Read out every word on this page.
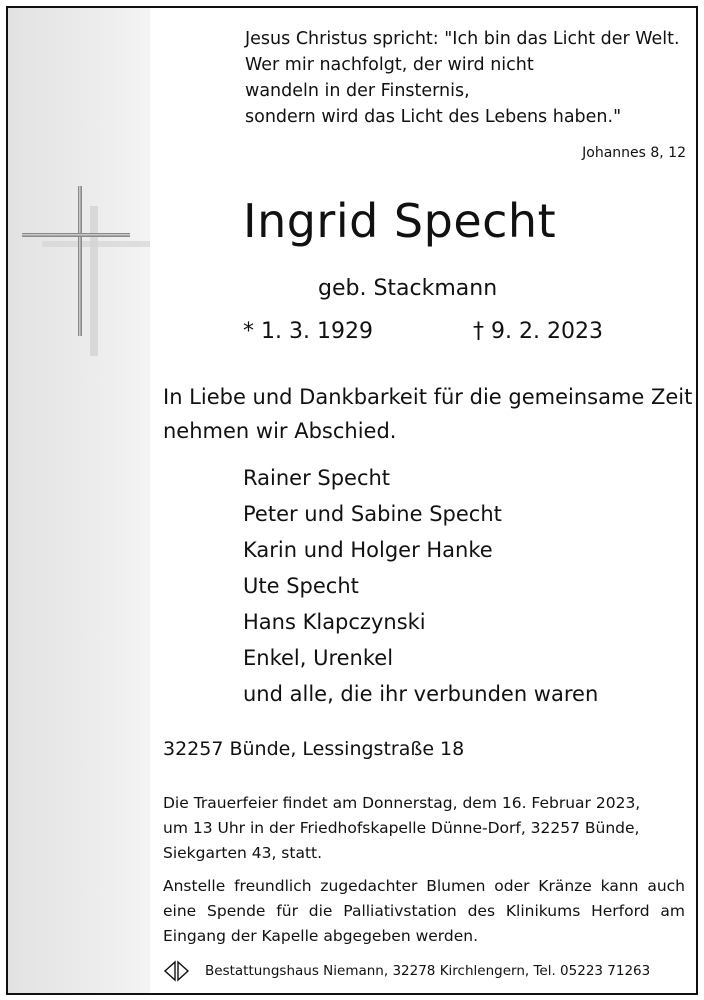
Jesus Christus spricht: "Ich bin das Licht der Welt.
Wer mir nachfolgt, der wird nicht
wandeln in der Finsternis,
sondern wird das Licht des Lebens haben."
Johannes 8, 12
Ingrid Specht
geb. Stackmann
* 1. 3. 1929	† 9. 2. 2023
In Liebe und Dankbarkeit für die gemeinsame Zeit nehmen wir Abschied.
Rainer Specht
Peter und Sabine Specht
Karin und Holger Hanke
Ute Specht
Hans Klapczynski
Enkel, Urenkel
und alle, die ihr verbunden waren
32257 Bünde, Lessingstraße 18
Die Trauerfeier findet am Donnerstag, dem 16. Februar 2023,
um 13 Uhr in der Friedhofskapelle Dünne-Dorf, 32257 Bünde,
Siekgarten 43, statt.
Anstelle freundlich zugedachter Blumen oder Kränze kann auch eine Spende für die Palliativstation des Klinikums Herford am Eingang der Kapelle abgegeben werden.
Bestattungshaus Niemann, 32278 Kirchlengern, Tel. 05223 71263
